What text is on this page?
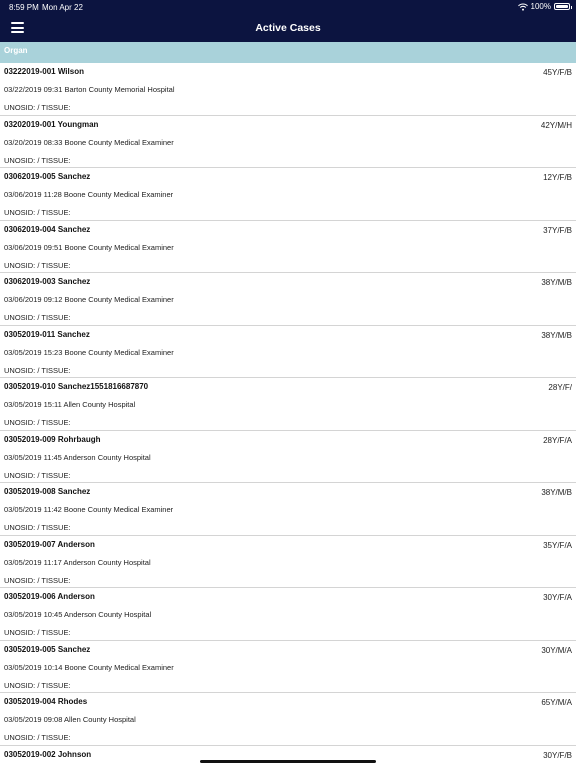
8:59 PM Mon Apr 22	100%
Active Cases
Organ
03222019-001 Wilson	45Y/F/B
03/22/2019 09:31 Barton County Memorial Hospital
UNOSID: / TISSUE:
03202019-001 Youngman	42Y/M/H
03/20/2019 08:33 Boone County Medical Examiner
UNOSID: / TISSUE:
03062019-005 Sanchez	12Y/F/B
03/06/2019 11:28 Boone County Medical Examiner
UNOSID: / TISSUE:
03062019-004 Sanchez	37Y/F/B
03/06/2019 09:51 Boone County Medical Examiner
UNOSID: / TISSUE:
03062019-003 Sanchez	38Y/M/B
03/06/2019 09:12 Boone County Medical Examiner
UNOSID: / TISSUE:
03052019-011 Sanchez	38Y/M/B
03/05/2019 15:23 Boone County Medical Examiner
UNOSID: / TISSUE:
03052019-010 Sanchez1551816687870	28Y/F/
03/05/2019 15:11 Allen County Hospital
UNOSID: / TISSUE:
03052019-009 Rohrbaugh	28Y/F/A
03/05/2019 11:45 Anderson County Hospital
UNOSID: / TISSUE:
03052019-008 Sanchez	38Y/M/B
03/05/2019 11:42 Boone County Medical Examiner
UNOSID: / TISSUE:
03052019-007 Anderson	35Y/F/A
03/05/2019 11:17 Anderson County Hospital
UNOSID: / TISSUE:
03052019-006 Anderson	30Y/F/A
03/05/2019 10:45 Anderson County Hospital
UNOSID: / TISSUE:
03052019-005 Sanchez	30Y/M/A
03/05/2019 10:14 Boone County Medical Examiner
UNOSID: / TISSUE:
03052019-004 Rhodes	65Y/M/A
03/05/2019 09:08 Allen County Hospital
UNOSID: / TISSUE:
03052019-002 Johnson	30Y/F/B
